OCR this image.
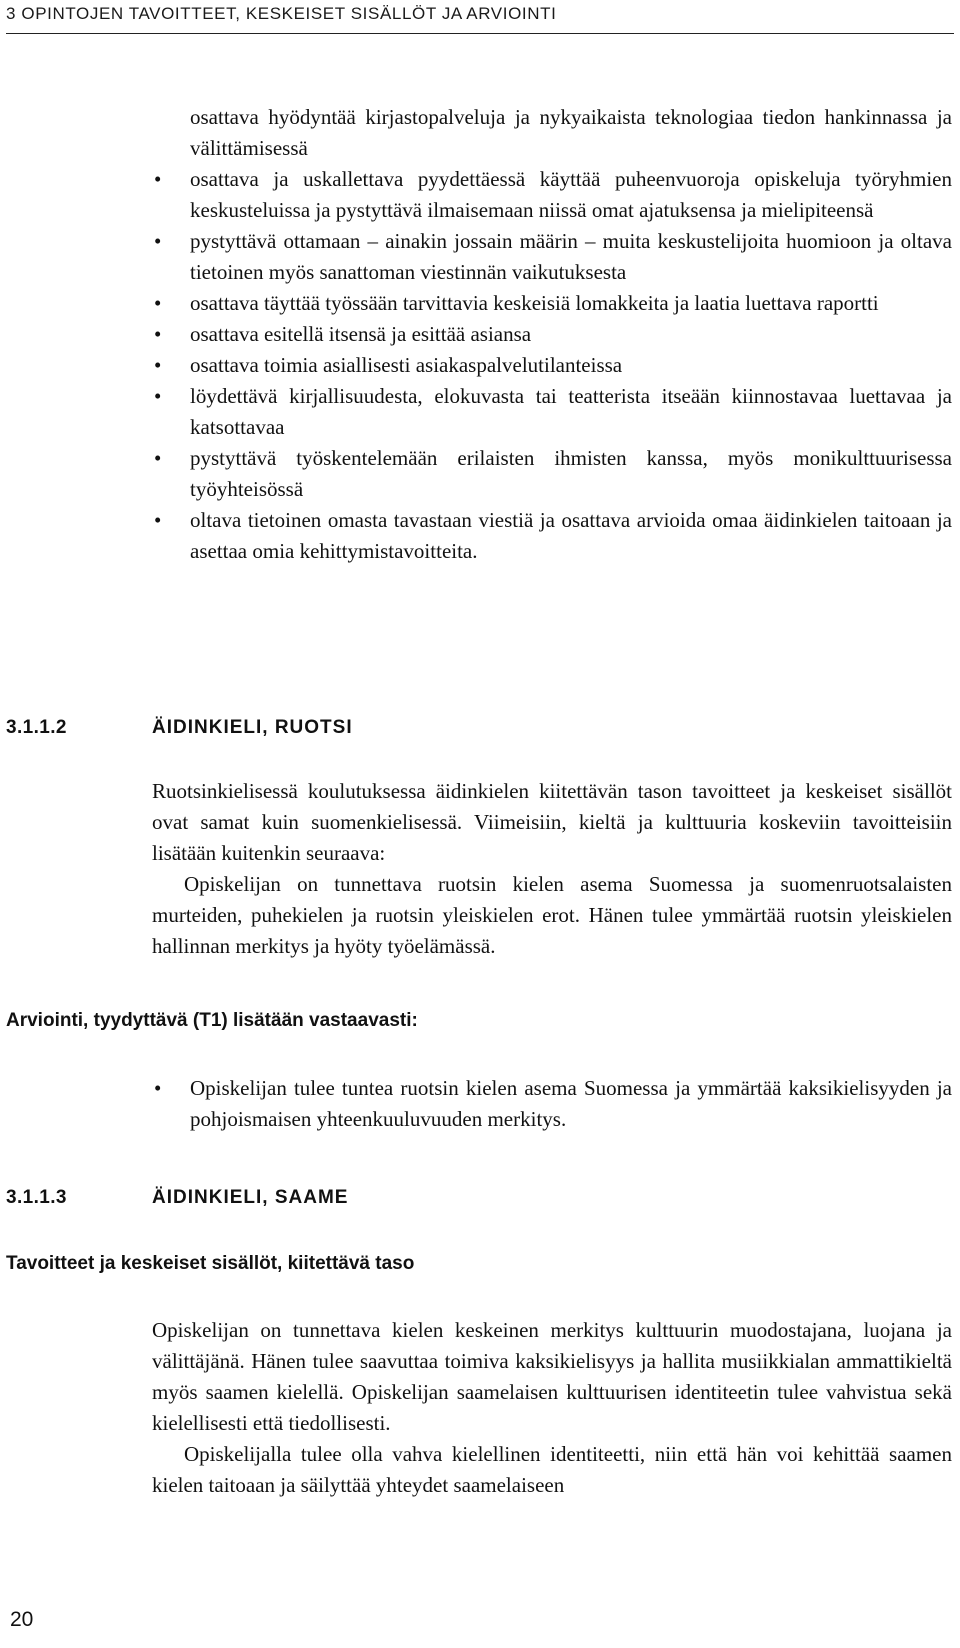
3 OPINTOJEN TAVOITTEET, KESKEISET SISÄLLÖT JA ARVIOINTI
osattava hyödyntää kirjastopalveluja ja nykyaikaista teknologiaa tiedon hankinnassa ja välittämisessä
• osattava ja uskallettava pyydettäessä käyttää puheenvuoroja opiskeluja työryhmien keskusteluissa ja pystyttävä ilmaisemaan niissä omat ajatuksensa ja mielipiteensä
• pystyttävä ottamaan – ainakin jossain määrin – muita keskustelijoita huomioon ja oltava tietoinen myös sanattoman viestinnän vaikutuksesta
• osattava täyttää työssään tarvittavia keskeisiä lomakkeita ja laatia luettava raportti
• osattava esitellä itsensä ja esittää asiansa
• osattava toimia asiallisesti asiakaspalvelutilanteissa
• löydettävä kirjallisuudesta, elokuvasta tai teatterista itseään kiinnostavaa luettavaa ja katsottavaa
• pystyttävä työskentelemään erilaisten ihmisten kanssa, myös monikulttuurisessa työyhteisössä
• oltava tietoinen omasta tavastaan viestiä ja osattava arvioida omaa äidinkielen taitoaan ja asettaa omia kehittymistavoitteita.
3.1.1.2	ÄIDINKIELI, RUOTSI

Ruotsinkielisessä koulutuksessa äidinkielen kiitettävän tason tavoitteet ja keskeiset sisällöt ovat samat kuin suomenkielisessä. Viimeisiin, kieltä ja kulttuuria koskeviin tavoitteisiin lisätään kuitenkin seuraava:

Opiskelijan on tunnettava ruotsin kielen asema Suomessa ja suomenruotsalaisten murteiden, puhekielen ja ruotsin yleiskielen erot. Hänen tulee ymmärtää ruotsin yleiskielen hallinnan merkitys ja hyöty työelämässä.

Arviointi, tyydyttävä (T1) lisätään vastaavasti:
• Opiskelijan tulee tuntea ruotsin kielen asema Suomessa ja ymmärtää kaksikielisyyden ja pohjoismaisen yhteenkuuluvuuden merkitys.
3.1.1.3	ÄIDINKIELI, SAAME
Tavoitteet ja keskeiset sisällöt, kiitettävä taso

Opiskelijan on tunnettava kielen keskeinen merkitys kulttuurin muodostajana, luojana ja välittäjänä. Hänen tulee saavuttaa toimiva kaksikielisyys ja hallita musiikkialan ammattikieltä myös saamen kielellä. Opiskelijan saamelaisen kulttuurisen identiteetin tulee vahvistua sekä kielellisesti että tiedollisesti.

Opiskelijalla tulee olla vahva kielellinen identiteetti, niin että hän voi kehittää saamen kielen taitoaan ja säilyttää yhteydet saamelaiseen

20
